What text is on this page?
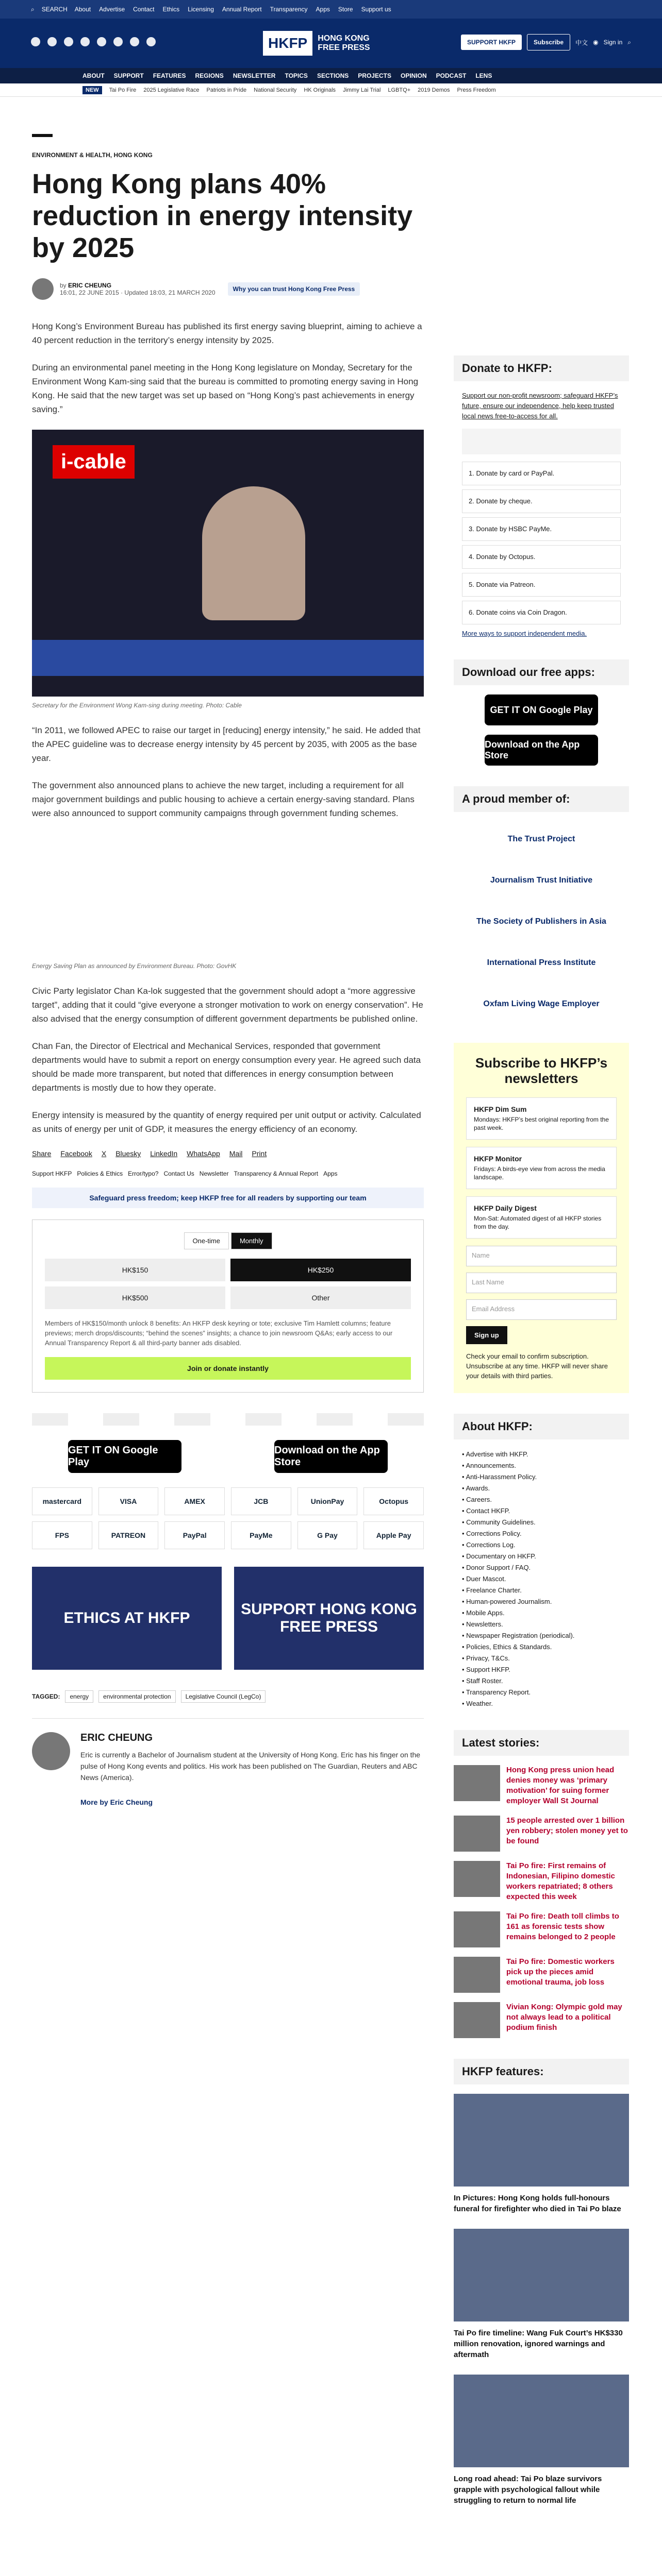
⌕ SEARCH About Advertise Contact Ethics Licensing Annual Report Transparency Apps Store Support us
HKFP	HONG KONG
FREE PRESS
SUPPORT HKFP	Subscribe	中文 ◉ Sign in ⌕
ABOUT SUPPORT FEATURES REGIONS NEWSLETTER TOPICS SECTIONS PROJECTS OPINION PODCAST LENS
NEW	Tai Po Fire 2025 Legislative Race Patriots in Pride National Security HK Originals Jimmy Lai Trial LGBTQ+ 2019 Demos Press Freedom
ENVIRONMENT & HEALTH, HONG KONG
Hong Kong plans 40% reduction in energy intensity by 2025
by ERIC CHEUNG
16:01, 22 JUNE 2015 · Updated 18:03, 21 MARCH 2020	Why you can trust Hong Kong Free Press

Hong Kong’s Environment Bureau has published its first energy saving blueprint, aiming to achieve a 40 percent reduction in the territory’s energy intensity by 2025.

During an environmental panel meeting in the Hong Kong legislature on Monday, Secretary for the Environment Wong Kam-sing said that the bureau is committed to promoting energy saving in Hong Kong. He said that the new target was set up based on “Hong Kong’s past achievements in energy saving.”

i-cable
Secretary for the Environment Wong Kam-sing during meeting. Photo: Cable

“In 2011, we followed APEC to raise our target in [reducing] energy intensity,” he said. He added that the APEC guideline was to decrease energy intensity by 45 percent by 2035, with 2005 as the base year.

The government also announced plans to achieve the new target, including a requirement for all major government buildings and public housing to achieve a certain energy-saving standard. Plans were also announced to support community campaigns through government funding schemes.

Energy Saving Plan as announced by Environment Bureau. Photo: GovHK

Civic Party legislator Chan Ka-lok suggested that the government should adopt a “more aggressive target”, adding that it could “give everyone a stronger motivation to work on energy conservation”. He also advised that the energy consumption of different government departments be published online.

Chan Fan, the Director of Electrical and Mechanical Services, responded that government departments would have to submit a report on energy consumption every year. He agreed such data should be made more transparent, but noted that differences in energy consumption between departments is mostly due to how they operate.

Energy intensity is measured by the quantity of energy required per unit output or activity. Calculated as units of energy per unit of GDP, it measures the energy efficiency of an economy.

Share Facebook X Bluesky LinkedIn WhatsApp Mail Print
Support HKFP Policies & Ethics Error/typo? Contact Us Newsletter Transparency & Annual Report Apps
Safeguard press freedom; keep HKFP free for all readers by supporting our team
One-time	Monthly
HK$150	HK$250
HK$500	Other
Members of HK$150/month unlock 8 benefits: An HKFP desk keyring or tote; exclusive Tim Hamlett columns; feature previews; merch drops/discounts; “behind the scenes” insights; a chance to join newsroom Q&As; early access to our Annual Transparency Report & all third-party banner ads disabled.
Join or donate instantly
GET IT ON Google Play
Download on the App Store
mastercard	VISA	AMEX	JCB	UnionPay	Octopus
FPS	PATREON	PayPal	PayMe	G Pay	Apple Pay
ETHICS AT HKFP
SUPPORT HONG KONG FREE PRESS
TAGGED:	energy	environmental protection	Legislative Council (LegCo)
ERIC CHEUNG

Eric is currently a Bachelor of Journalism student at the University of Hong Kong. Eric has his finger on the pulse of Hong Kong events and politics. His work has been published on The Guardian, Reuters and ABC News (America).

More by Eric Cheung

Donate to HKFP:

Support our non-profit newsroom; safeguard HKFP’s future, ensure our independence, help keep trusted local news free-to-access for all.

1. Donate by card or PayPal.
2. Donate by cheque.
3. Donate by HSBC PayMe.
4. Donate by Octopus.
5. Donate via Patreon.
6. Donate coins via Coin Dragon.

More ways to support independent media.

Download our free apps:
GET IT ON Google Play
Download on the App Store
A proud member of:
The Trust Project
Journalism Trust Initiative
The Society of Publishers in Asia
International Press Institute
Oxfam Living Wage Employer
Subscribe to HKFP’s newsletters
HKFP Dim Sum
Mondays: HKFP’s best original reporting from the past week.
HKFP Monitor
Fridays: A birds-eye view from across the media landscape.
HKFP Daily Digest
Mon-Sat: Automated digest of all HKFP stories from the day.
Name
Last Name
Email Address
Sign up

Check your email to confirm subscription. Unsubscribe at any time. HKFP will never share your details with third parties.

About HKFP:
• Advertise with HKFP.
• Announcements.
• Anti-Harassment Policy.
• Awards.
• Careers.
• Contact HKFP.
• Community Guidelines.
• Corrections Policy.
• Corrections Log.
• Documentary on HKFP.
• Donor Support / FAQ.
• Duer Mascot.
• Freelance Charter.
• Human-powered Journalism.
• Mobile Apps.
• Newsletters.
• Newspaper Registration (periodical).
• Policies, Ethics & Standards.
• Privacy, T&Cs.
• Support HKFP.
• Staff Roster.
• Transparency Report.
• Weather.
Latest stories:
Hong Kong press union head denies money was ‘primary motivation’ for suing former employer Wall St Journal
15 people arrested over 1 billion yen robbery; stolen money yet to be found
Tai Po fire: First remains of Indonesian, Filipino domestic workers repatriated; 8 others expected this week
Tai Po fire: Death toll climbs to 161 as forensic tests show remains belonged to 2 people
Tai Po fire: Domestic workers pick up the pieces amid emotional trauma, job loss
Vivian Kong: Olympic gold may not always lead to a political podium finish
HKFP features:
In Pictures: Hong Kong holds full-honours funeral for firefighter who died in Tai Po blaze
Tai Po fire timeline: Wang Fuk Court’s HK$330 million renovation, ignored warnings and aftermath
Long road ahead: Tai Po blaze survivors grapple with psychological fallout while struggling to return to normal life
